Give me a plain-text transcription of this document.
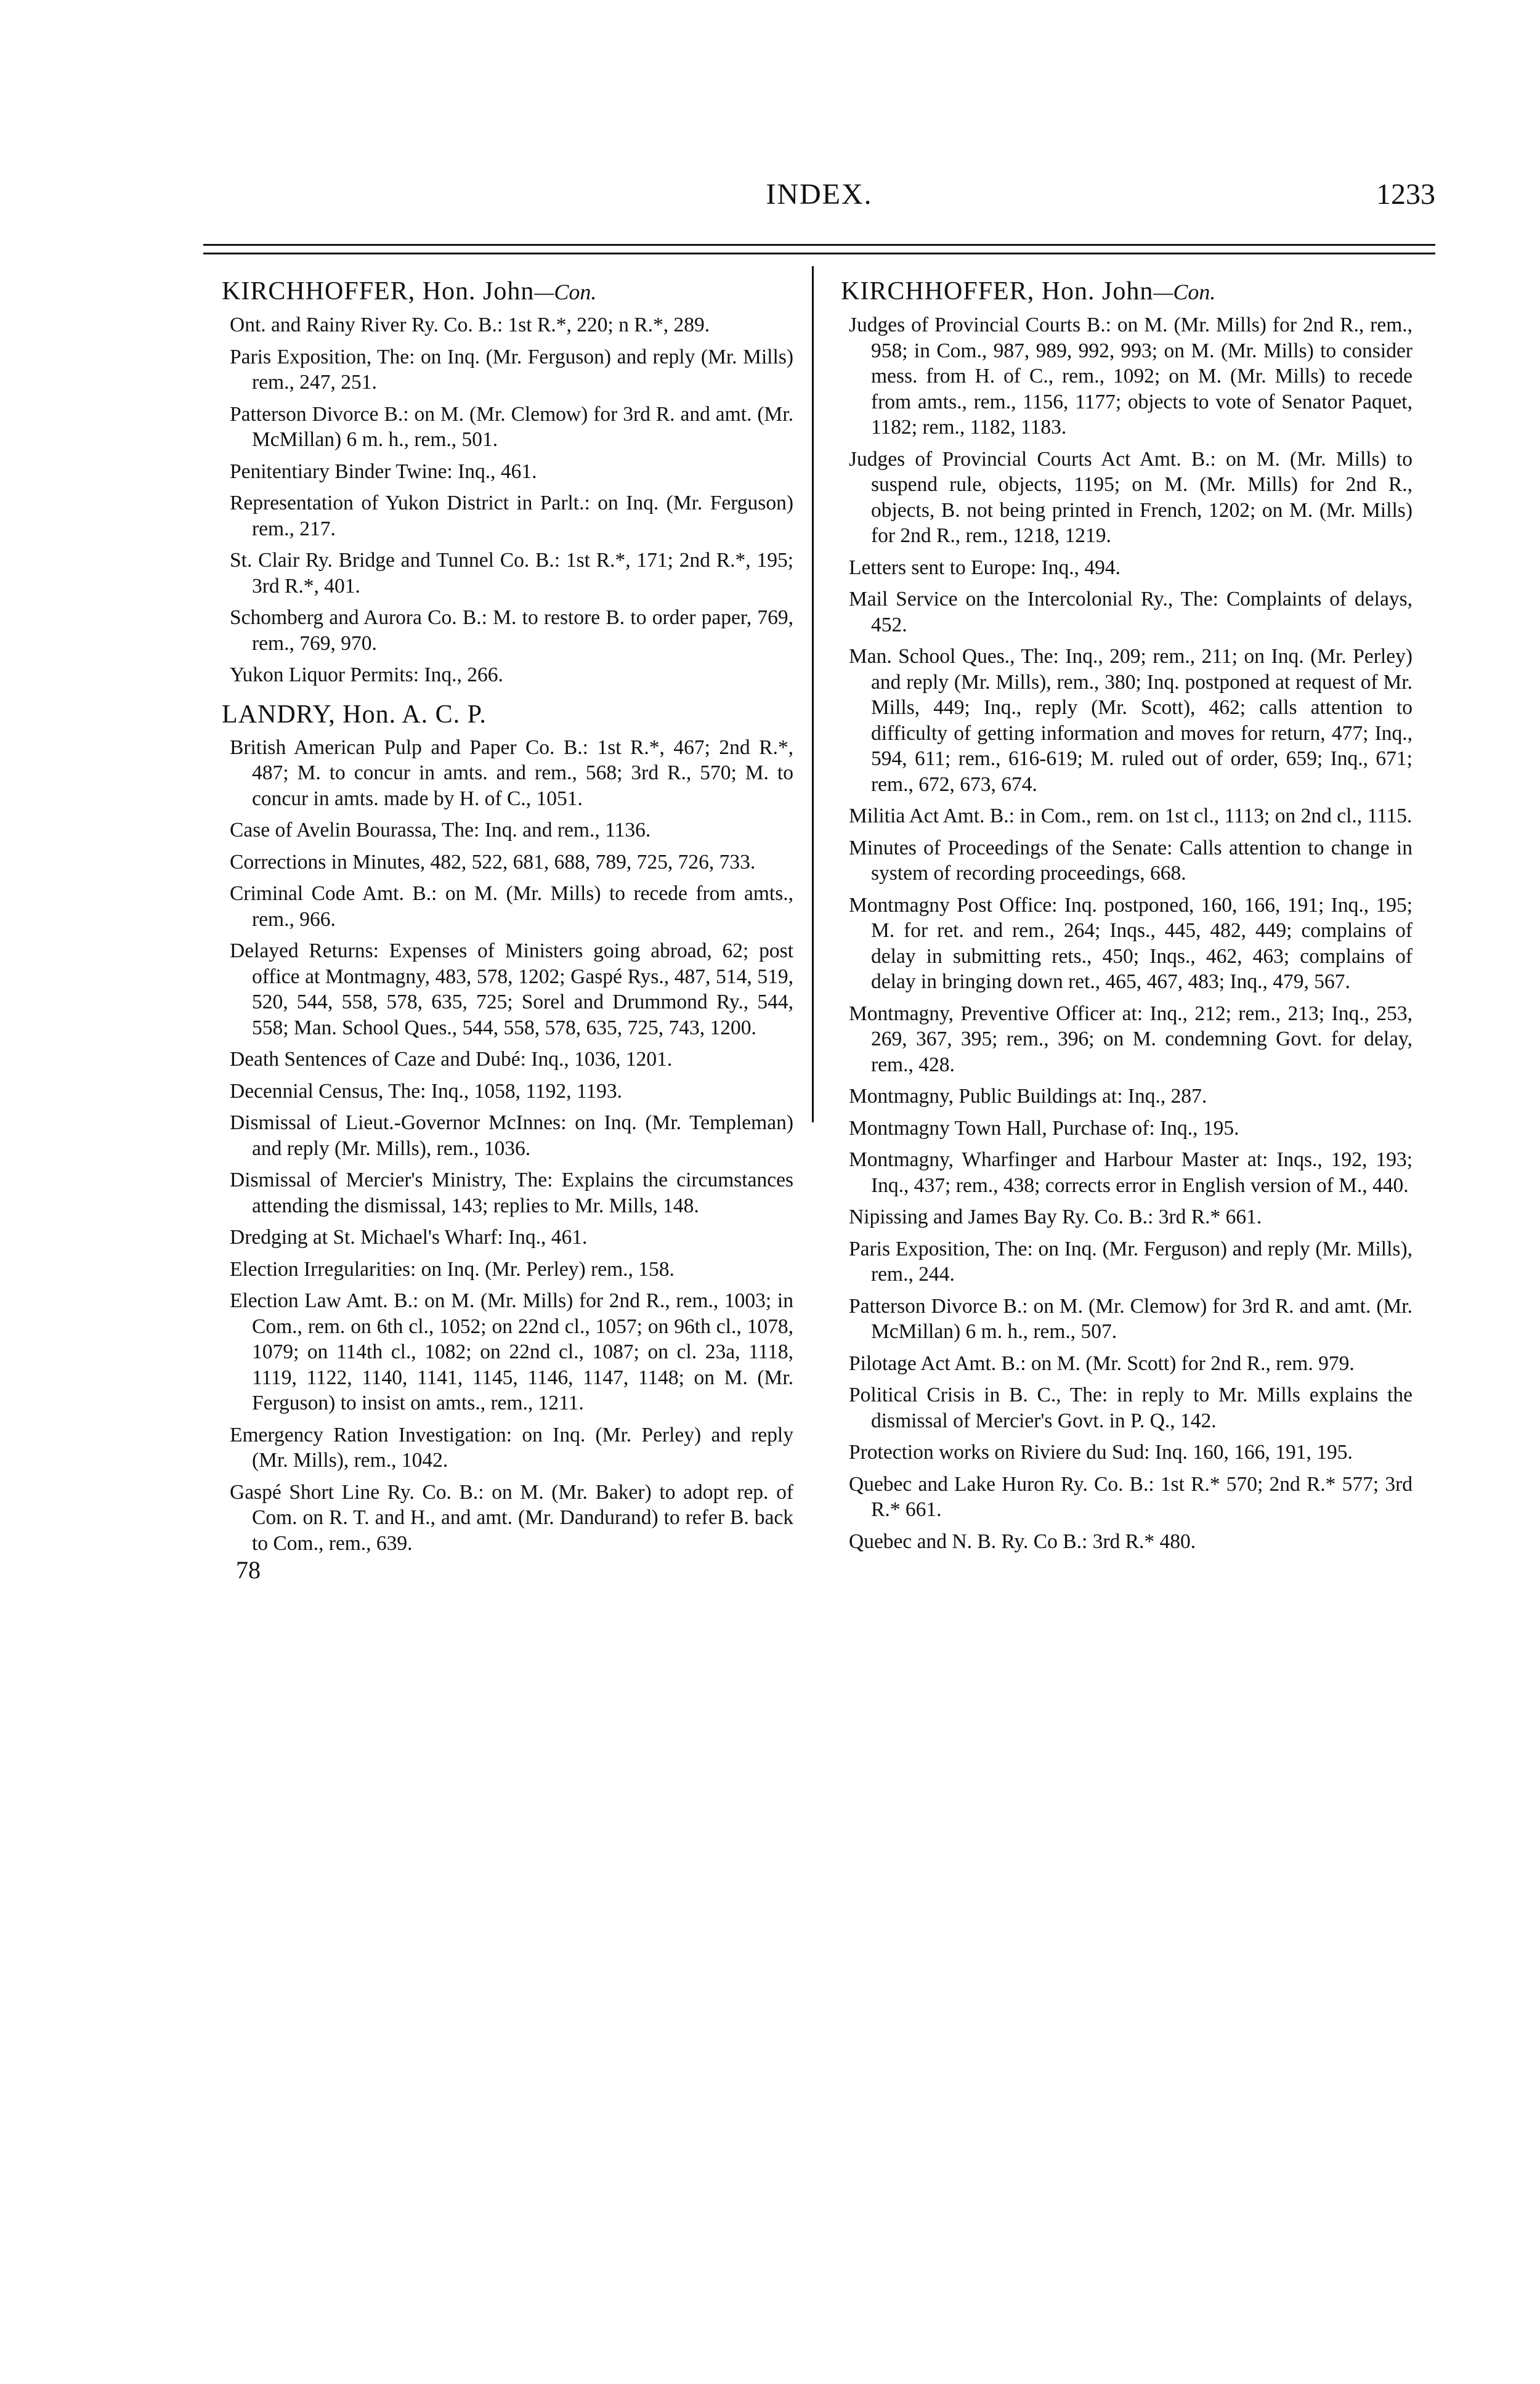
INDEX.	1233
KIRCHHOFFER, Hon. John—Con.

Ont. and Rainy River Ry. Co. B.: 1st R.*, 220; n R.*, 289.

Paris Exposition, The: on Inq. (Mr. Ferguson) and reply (Mr. Mills) rem., 247, 251.

Patterson Divorce B.: on M. (Mr. Clemow) for 3rd R. and amt. (Mr. McMillan) 6 m. h., rem., 501.

Penitentiary Binder Twine: Inq., 461.

Representation of Yukon District in Parlt.: on Inq. (Mr. Ferguson) rem., 217.

St. Clair Ry. Bridge and Tunnel Co. B.: 1st R.*, 171; 2nd R.*, 195; 3rd R.*, 401.

Schomberg and Aurora Co. B.: M. to restore B. to order paper, 769, rem., 769, 970.

Yukon Liquor Permits: Inq., 266.

LANDRY, Hon. A. C. P.

British American Pulp and Paper Co. B.: 1st R.*, 467; 2nd R.*, 487; M. to concur in amts. and rem., 568; 3rd R., 570; M. to concur in amts. made by H. of C., 1051.

Case of Avelin Bourassa, The: Inq. and rem., 1136.

Corrections in Minutes, 482, 522, 681, 688, 789, 725, 726, 733.

Criminal Code Amt. B.: on M. (Mr. Mills) to recede from amts., rem., 966.

Delayed Returns: Expenses of Ministers going abroad, 62; post office at Montmagny, 483, 578, 1202; Gaspé Rys., 487, 514, 519, 520, 544, 558, 578, 635, 725; Sorel and Drummond Ry., 544, 558; Man. School Ques., 544, 558, 578, 635, 725, 743, 1200.

Death Sentences of Caze and Dubé: Inq., 1036, 1201.

Decennial Census, The: Inq., 1058, 1192, 1193.

Dismissal of Lieut.-Governor McInnes: on Inq. (Mr. Templeman) and reply (Mr. Mills), rem., 1036.

Dismissal of Mercier's Ministry, The: Explains the circumstances attending the dismissal, 143; replies to Mr. Mills, 148.

Dredging at St. Michael's Wharf: Inq., 461.

Election Irregularities: on Inq. (Mr. Perley) rem., 158.

Election Law Amt. B.: on M. (Mr. Mills) for 2nd R., rem., 1003; in Com., rem. on 6th cl., 1052; on 22nd cl., 1057; on 96th cl., 1078, 1079; on 114th cl., 1082; on 22nd cl., 1087; on cl. 23a, 1118, 1119, 1122, 1140, 1141, 1145, 1146, 1147, 1148; on M. (Mr. Ferguson) to insist on amts., rem., 1211.

Emergency Ration Investigation: on Inq. (Mr. Perley) and reply (Mr. Mills), rem., 1042.

Gaspé Short Line Ry. Co. B.: on M. (Mr. Baker) to adopt rep. of Com. on R. T. and H., and amt. (Mr. Dandurand) to refer B. back to Com., rem., 639.

78
KIRCHHOFFER, Hon. John—Con.

Judges of Provincial Courts B.: on M. (Mr. Mills) for 2nd R., rem., 958; in Com., 987, 989, 992, 993; on M. (Mr. Mills) to consider mess. from H. of C., rem., 1092; on M. (Mr. Mills) to recede from amts., rem., 1156, 1177; objects to vote of Senator Paquet, 1182; rem., 1182, 1183.

Judges of Provincial Courts Act Amt. B.: on M. (Mr. Mills) to suspend rule, objects, 1195; on M. (Mr. Mills) for 2nd R., objects, B. not being printed in French, 1202; on M. (Mr. Mills) for 2nd R., rem., 1218, 1219.

Letters sent to Europe: Inq., 494.

Mail Service on the Intercolonial Ry., The: Complaints of delays, 452.

Man. School Ques., The: Inq., 209; rem., 211; on Inq. (Mr. Perley) and reply (Mr. Mills), rem., 380; Inq. postponed at request of Mr. Mills, 449; Inq., reply (Mr. Scott), 462; calls attention to difficulty of getting information and moves for return, 477; Inq., 594, 611; rem., 616-619; M. ruled out of order, 659; Inq., 671; rem., 672, 673, 674.

Militia Act Amt. B.: in Com., rem. on 1st cl., 1113; on 2nd cl., 1115.

Minutes of Proceedings of the Senate: Calls attention to change in system of recording proceedings, 668.

Montmagny Post Office: Inq. postponed, 160, 166, 191; Inq., 195; M. for ret. and rem., 264; Inqs., 445, 482, 449; complains of delay in submitting rets., 450; Inqs., 462, 463; complains of delay in bringing down ret., 465, 467, 483; Inq., 479, 567.

Montmagny, Preventive Officer at: Inq., 212; rem., 213; Inq., 253, 269, 367, 395; rem., 396; on M. condemning Govt. for delay, rem., 428.

Montmagny, Public Buildings at: Inq., 287.

Montmagny Town Hall, Purchase of: Inq., 195.

Montmagny, Wharfinger and Harbour Master at: Inqs., 192, 193; Inq., 437; rem., 438; corrects error in English version of M., 440.

Nipissing and James Bay Ry. Co. B.: 3rd R.* 661.

Paris Exposition, The: on Inq. (Mr. Ferguson) and reply (Mr. Mills), rem., 244.

Patterson Divorce B.: on M. (Mr. Clemow) for 3rd R. and amt. (Mr. McMillan) 6 m. h., rem., 507.

Pilotage Act Amt. B.: on M. (Mr. Scott) for 2nd R., rem. 979.

Political Crisis in B. C., The: in reply to Mr. Mills explains the dismissal of Mercier's Govt. in P. Q., 142.

Protection works on Riviere du Sud: Inq. 160, 166, 191, 195.

Quebec and Lake Huron Ry. Co. B.: 1st R.* 570; 2nd R.* 577; 3rd R.* 661.

Quebec and N. B. Ry. Co B.: 3rd R.* 480.
